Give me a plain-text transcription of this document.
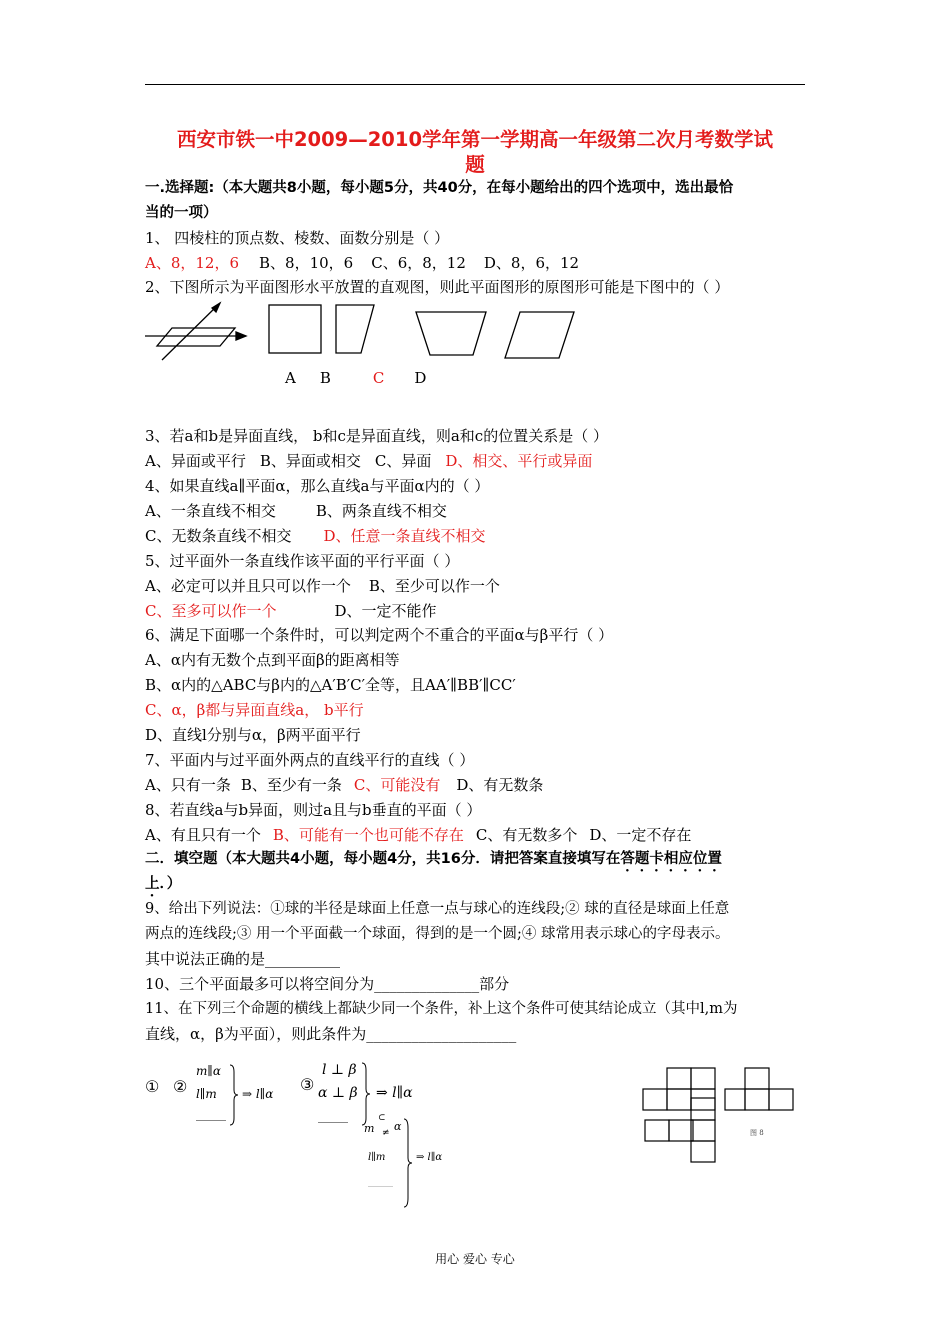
西安市铁一中2009—2010学年第一学期高一年级第二次月考数学试
题
一.选择题:（本大题共8小题，每小题5分，共40分，在每小题给出的四个选项中，选出最恰
当的一项）
1、 四棱柱的顶点数、棱数、面数分别是（ ）
A、8，12，6 B、8，10，6 C、6，8，12 D、8，6，12
2、下图所示为平面图形水平放置的直观图，则此平面图形的原图形可能是下图中的（ ）
A B	C D
3、若a和b是异面直线， b和c是异面直线，则a和c的位置关系是（ ）
A、异面或平行 B、异面或相交 C、异面 D、相交、平行或异面
4、如果直线a∥平面α，那么直线a与平面α内的（ ）
A、一条直线不相交	B、两条直线不相交
C、无数条直线不相交 D、任意一条直线不相交
5、过平面外一条直线作该平面的平行平面（ ）
A、必定可以并且只可以作一个 B、至少可以作一个
C、至多可以作一个	D、一定不能作
6、满足下面哪一个条件时，可以判定两个不重合的平面α与β平行（ ）
A、α内有无数个点到平面β的距离相等
B、α内的△ABC与β内的△A′B′C′全等，且AA′∥BB′∥CC′
C、α，β都与异面直线a， b平行
D、直线l分别与α，β两平面平行
7、平面内与过平面外两点的直线平行的直线（ ）
A、只有一条 B、至少有一条 C、可能没有 D、有无数条
8、若直线a与b异面，则过a且与b垂直的平面（ ）
A、有且只有一个 B、可能有一个也可能不存在 C、有无数多个 D、一定不存在
二．填空题（本大题共4小题，每小题4分，共16分．请把答案直接填写在答题卡相应位置
上．）
9、给出下列说法：①球的半径是球面上任意一点与球心的连线段;② 球的直径是球面上任意
两点的连线段;③ 用一个平面截一个球面，得到的是一个圆;④ 球常用表示球心的字母表示。
其中说法正确的是__________
10、三个平面最多可以将空间分为______________部分
11、在下列三个命题的横线上都缺少同一个条件，补上这个条件可使其结论成立（其中l,m为
直线，α，β为平面），则此条件为____________________
① ②
m∥α
l∥m
_____
⇒ l∥α ③
l ⊥ β
α ⊥ β
_____
⇒ l∥α
⊂
m ≠ α
l∥m
_____
⇒ l∥α
图 8
用心 爱心 专心
